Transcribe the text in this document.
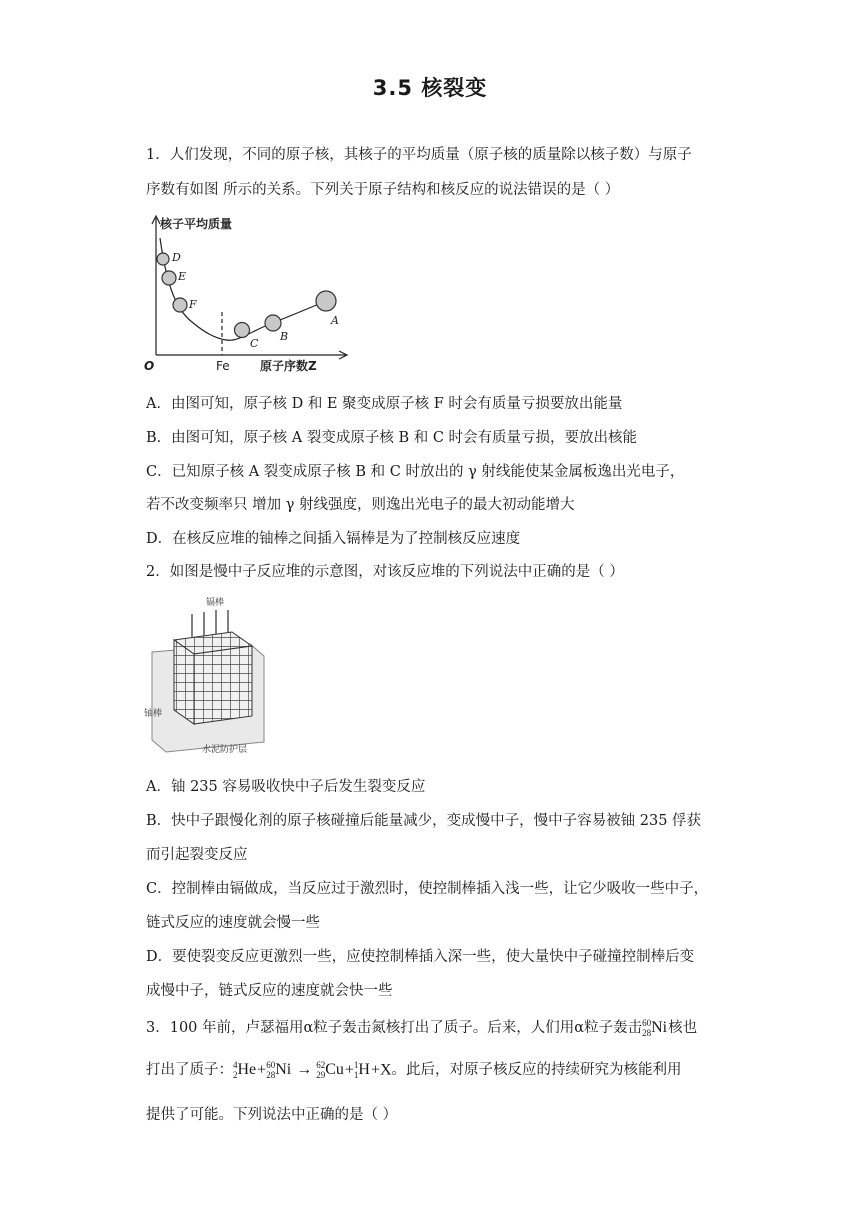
3.5 核裂变
1．人们发现，不同的原子核，其核子的平均质量（原子核的质量除以核子数）与原子
序数有如图 所示的关系。下列关于原子结构和核反应的说法错误的是（ ）
核子平均质量
原子序数Z
O	Fe
D
E
F
C
B
A
A．由图可知，原子核 D 和 E 聚变成原子核 F 时会有质量亏损要放出能量
B．由图可知，原子核 A 裂变成原子核 B 和 C 时会有质量亏损，要放出核能
C．已知原子核 A 裂变成原子核 B 和 C 时放出的 γ 射线能使某金属板逸出光电子，
若不改变频率只 增加 γ 射线强度，则逸出光电子的最大初动能增大
D．在核反应堆的铀棒之间插入镉棒是为了控制核反应速度
2．如图是慢中子反应堆的示意图，对该反应堆的下列说法中正确的是（ ）
镉棒
铀棒
水泥防护层
A．铀 235 容易吸收快中子后发生裂变反应
B．快中子跟慢化剂的原子核碰撞后能量减少，变成慢中子，慢中子容易被铀 235 俘获
而引起裂变反应
C．控制棒由镉做成，当反应过于激烈时，使控制棒插入浅一些，让它少吸收一些中子，
链式反应的速度就会慢一些
D．要使裂变反应更激烈一些，应使控制棒插入深一些，使大量快中子碰撞控制棒后变
成慢中子，链式反应的速度就会快一些
3．100 年前，卢瑟福用α粒子轰击氮核打出了质子。后来，人们用α粒子轰击 60
28 Ni核也
打出了质子： 4
2 He+ 60
28 Ni → 62
29 Cu+ 1
1 H+X。此后，对原子核反应的持续研究为核能利用
提供了可能。下列说法中正确的是（ ）
